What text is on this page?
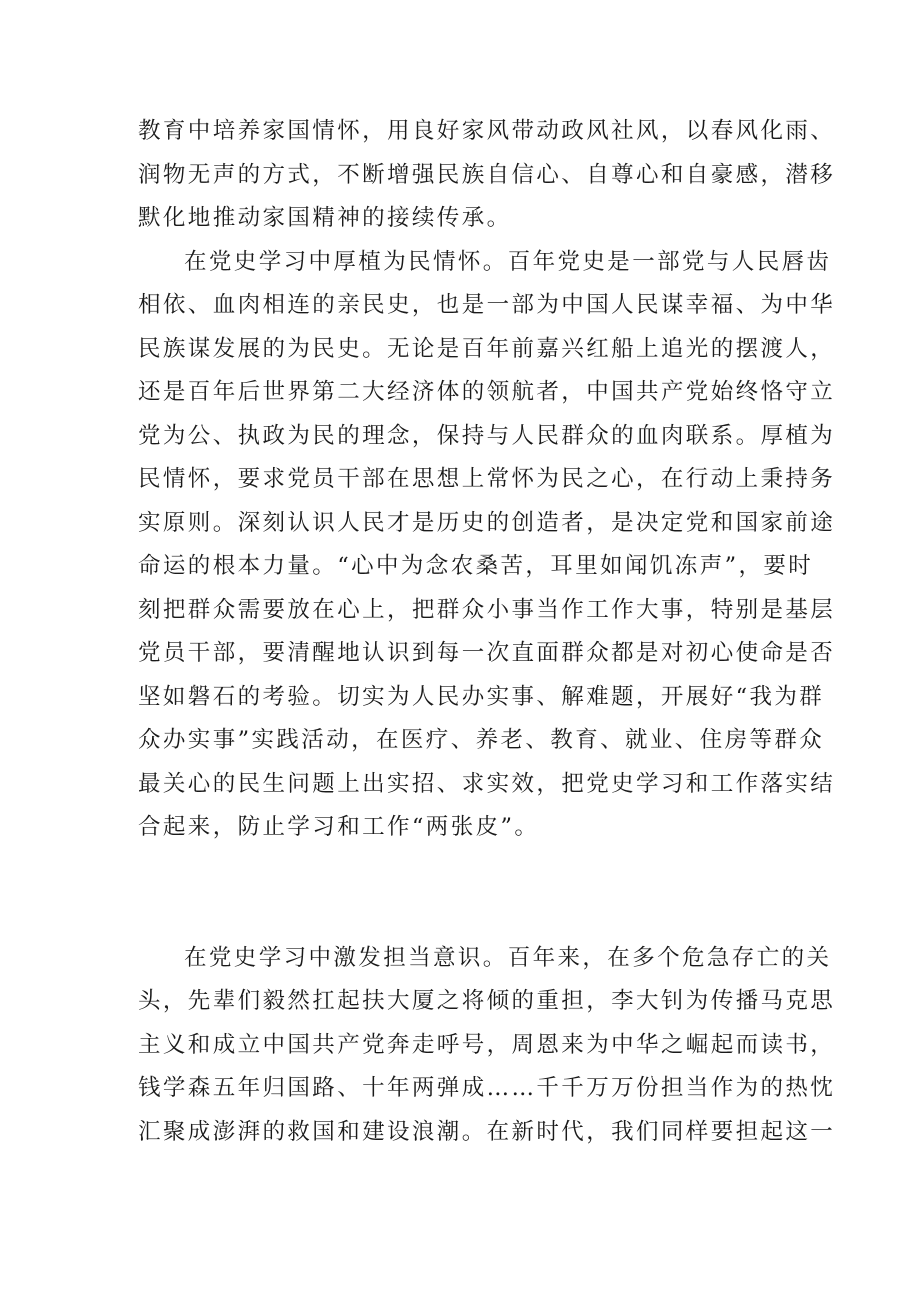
教育中培养家国情怀，用良好家风带动政风社风，以春风化雨、
润物无声的方式，不断增强民族自信心、自尊心和自豪感，潜移
默化地推动家国精神的接续传承。
在党史学习中厚植为民情怀。百年党史是一部党与人民唇齿
相依、血肉相连的亲民史，也是一部为中国人民谋幸福、为中华
民族谋发展的为民史。无论是百年前嘉兴红船上追光的摆渡人，
还是百年后世界第二大经济体的领航者，中国共产党始终恪守立
党为公、执政为民的理念，保持与人民群众的血肉联系。厚植为
民情怀，要求党员干部在思想上常怀为民之心，在行动上秉持务
实原则。深刻认识人民才是历史的创造者，是决定党和国家前途
命运的根本力量。“心中为念农桑苦，耳里如闻饥冻声”，要时
刻把群众需要放在心上，把群众小事当作工作大事，特别是基层
党员干部，要清醒地认识到每一次直面群众都是对初心使命是否
坚如磐石的考验。切实为人民办实事、解难题，开展好“我为群
众办实事”实践活动，在医疗、养老、教育、就业、住房等群众
最关心的民生问题上出实招、求实效，把党史学习和工作落实结
合起来，防止学习和工作“两张皮”。
在党史学习中激发担当意识。百年来，在多个危急存亡的关
头，先辈们毅然扛起扶大厦之将倾的重担，李大钊为传播马克思
主义和成立中国共产党奔走呼号，周恩来为中华之崛起而读书，
钱学森五年归国路、十年两弹成……千千万万份担当作为的热忱
汇聚成澎湃的救国和建设浪潮。在新时代，我们同样要担起这一
